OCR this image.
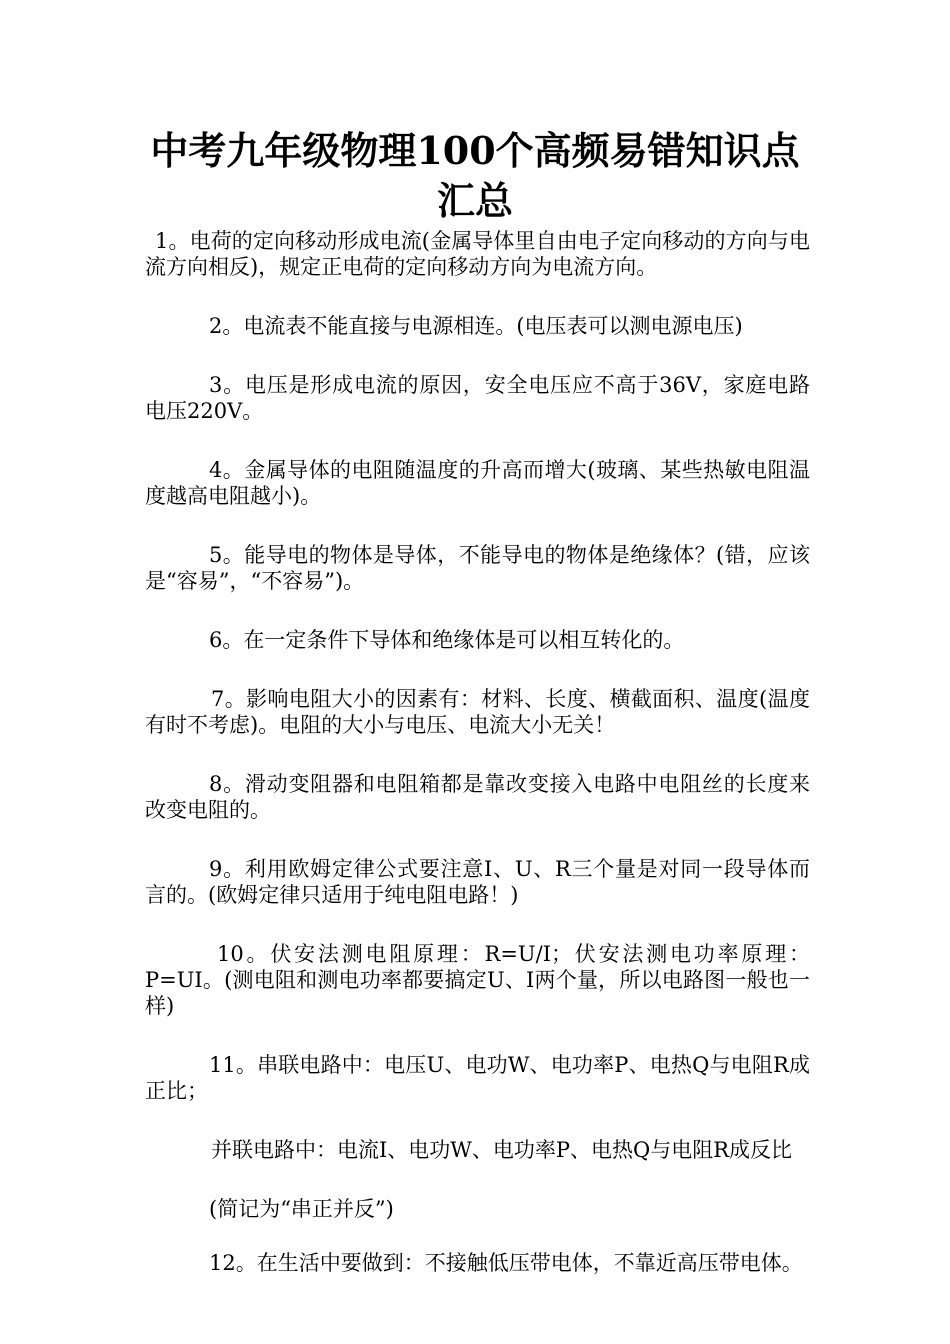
中考九年级物理100个高频易错知识点汇总

1。电荷的定向移动形成电流(金属导体里自由电子定向移动的方向与电流方向相反)，规定正电荷的定向移动方向为电流方向。

2。电流表不能直接与电源相连。(电压表可以测电源电压)

3。电压是形成电流的原因，安全电压应不高于36V，家庭电路电压220V。

4。金属导体的电阻随温度的升高而增大(玻璃、某些热敏电阻温度越高电阻越小)。

5。能导电的物体是导体，不能导电的物体是绝缘体？(错，应该是“容易”，“不容易”)。

6。在一定条件下导体和绝缘体是可以相互转化的。

7。影响电阻大小的因素有：材料、长度、横截面积、温度(温度有时不考虑)。电阻的大小与电压、电流大小无关！

8。滑动变阻器和电阻箱都是靠改变接入电路中电阻丝的长度来改变电阻的。

9。利用欧姆定律公式要注意I、U、R三个量是对同一段导体而言的。(欧姆定律只适用于纯电阻电路！)

10。伏安法测电阻原理：R=U/I；伏安法测电功率原理：P=UI。(测电阻和测电功率都要搞定U、I两个量，所以电路图一般也一样)

11。串联电路中：电压U、电功W、电功率P、电热Q与电阻R成正比；

并联电路中：电流I、电功W、电功率P、电热Q与电阻R成反比

(简记为“串正并反”)

12。在生活中要做到：不接触低压带电体，不靠近高压带电体。
